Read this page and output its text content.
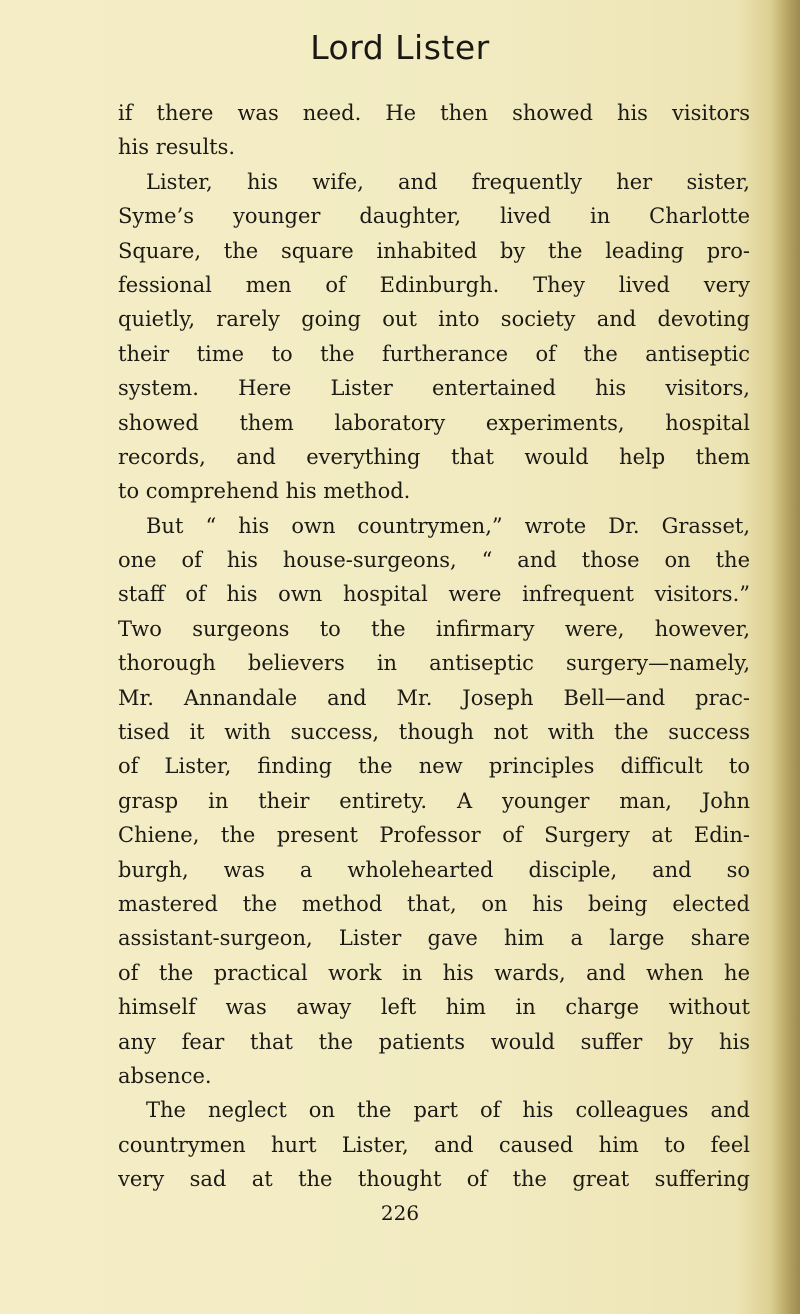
Lord Lister
if there was need. He then showed his visitors
his results.
Lister, his wife, and frequently her sister,
Syme’s younger daughter, lived in Charlotte
Square, the square inhabited by the leading pro-
fessional men of Edinburgh. They lived very
quietly, rarely going out into society and devoting
their time to the furtherance of the antiseptic
system. Here Lister entertained his visitors,
showed them laboratory experiments, hospital
records, and everything that would help them
to comprehend his method.
But “ his own countrymen,” wrote Dr. Grasset,
one of his house-surgeons, “ and those on the
staff of his own hospital were infrequent visitors.”
Two surgeons to the infirmary were, however,
thorough believers in antiseptic surgery—namely,
Mr. Annandale and Mr. Joseph Bell—and prac-
tised it with success, though not with the success
of Lister, finding the new principles difficult to
grasp in their entirety. A younger man, John
Chiene, the present Professor of Surgery at Edin-
burgh, was a wholehearted disciple, and so
mastered the method that, on his being elected
assistant-surgeon, Lister gave him a large share
of the practical work in his wards, and when he
himself was away left him in charge without
any fear that the patients would suffer by his
absence.
The neglect on the part of his colleagues and
countrymen hurt Lister, and caused him to feel
very sad at the thought of the great suffering
226
